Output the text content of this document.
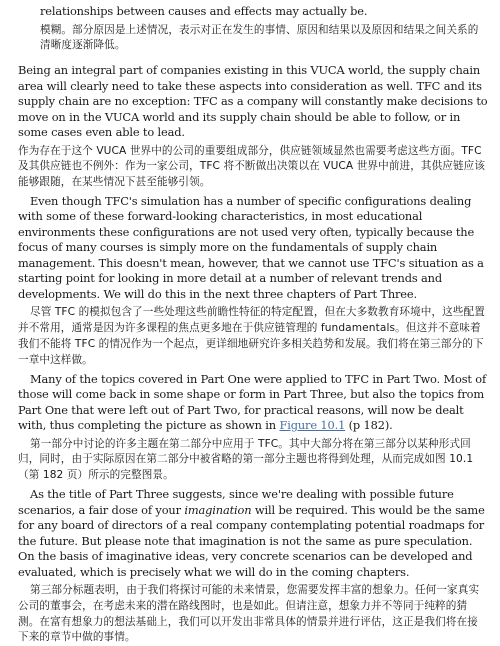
relationships between causes and effects may actually be.

模糊。部分原因是上述情况，表示对正在发生的事情、原因和结果以及原因和结果之间关系的清晰度逐渐降低。

Being an integral part of companies existing in this VUCA world, the supply chain area will clearly need to take these aspects into consideration as well. TFC and its supply chain are no exception: TFC as a company will constantly make decisions to move on in the VUCA world and its supply chain should be able to follow, or in some cases even able to lead.

作为存在于这个 VUCA 世界中的公司的重要组成部分，供应链领域显然也需要考虑这些方面。TFC 及其供应链也不例外：作为一家公司，TFC 将不断做出决策以在 VUCA 世界中前进，其供应链应该能够跟随，在某些情况下甚至能够引领。

Even though TFC's simulation has a number of specific configurations dealing with some of these forward-looking characteristics, in most educational environments these configurations are not used very often, typically because the focus of many courses is simply more on the fundamentals of supply chain management. This doesn't mean, however, that we cannot use TFC's situation as a starting point for looking in more detail at a number of relevant trends and developments. We will do this in the next three chapters of Part Three.

尽管 TFC 的模拟包含了一些处理这些前瞻性特征的特定配置，但在大多数教育环境中，这些配置并不常用，通常是因为许多课程的焦点更多地在于供应链管理的 fundamentals。但这并不意味着我们不能将 TFC 的情况作为一个起点，更详细地研究许多相关趋势和发展。我们将在第三部分的下一章中这样做。

Many of the topics covered in Part One were applied to TFC in Part Two. Most of those will come back in some shape or form in Part Three, but also the topics from Part One that were left out of Part Two, for practical reasons, will now be dealt with, thus completing the picture as shown in Figure 10.1 (p 182).

第一部分中讨论的许多主题在第二部分中应用于 TFC。其中大部分将在第三部分以某种形式回归，同时，由于实际原因在第二部分中被省略的第一部分主题也将得到处理，从而完成如图 10.1（第 182 页）所示的完整图景。

As the title of Part Three suggests, since we're dealing with possible future scenarios, a fair dose of your imagination will be required. This would be the same for any board of directors of a real company contemplating potential roadmaps for the future. But please note that imagination is not the same as pure speculation. On the basis of imaginative ideas, very concrete scenarios can be developed and evaluated, which is precisely what we will do in the coming chapters.

第三部分标题表明，由于我们将探讨可能的未来情景，您需要发挥丰富的想象力。任何一家真实公司的董事会，在考虑未来的潜在路线图时，也是如此。但请注意，想象力并不等同于纯粹的猜测。在富有想象力的想法基础上，我们可以开发出非常具体的情景并进行评估，这正是我们将在接下来的章节中做的事情。
